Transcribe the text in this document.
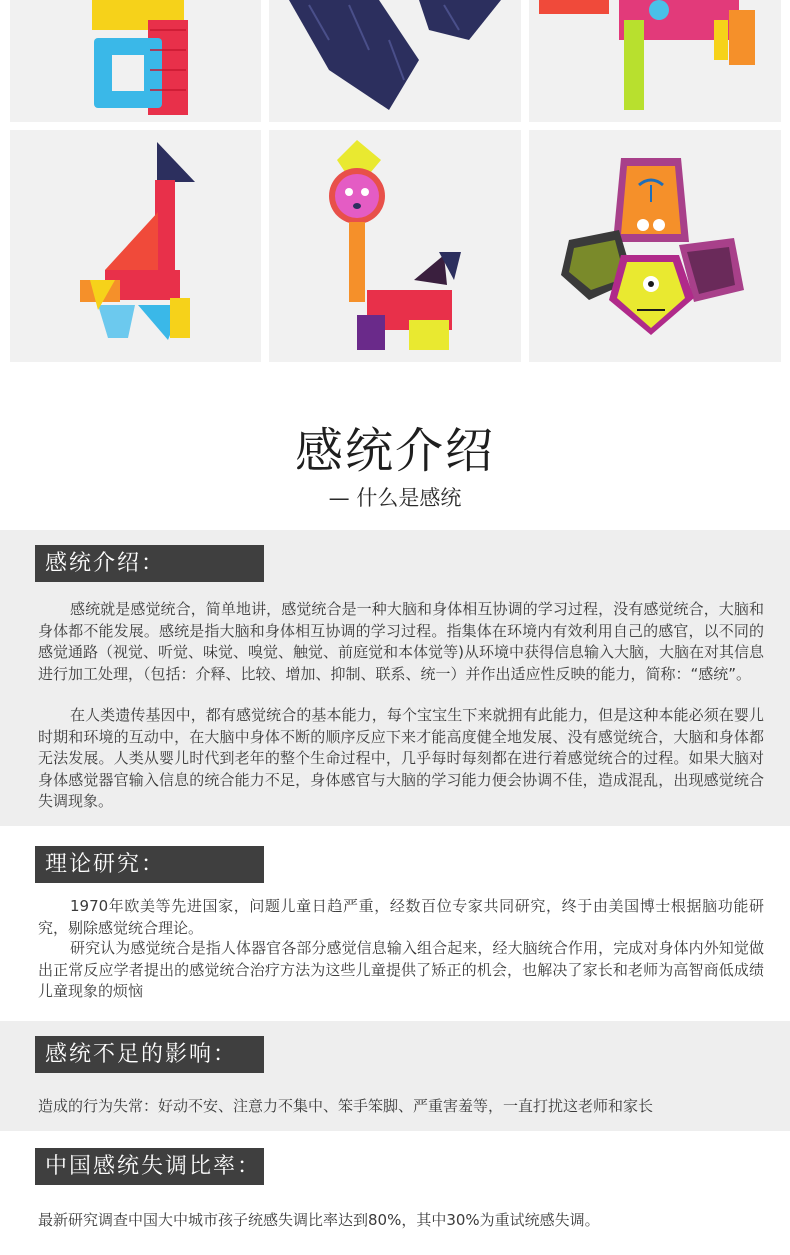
感统介绍

— 什么是感统

感统介绍：

感统就是感觉统合，简单地讲，感觉统合是一种大脑和身体相互协调的学习过程，没有感觉统合，大脑和身体都不能发展。感统是指大脑和身体相互协调的学习过程。指集体在环境内有效利用自己的感官，以不同的感觉通路（视觉、听觉、味觉、嗅觉、触觉、前庭觉和本体觉等)从环境中获得信息输入大脑，大脑在对其信息进行加工处理，（包括：介释、比较、增加、抑制、联系、统一）并作出适应性反映的能力，简称：“感统”。

在人类遗传基因中，都有感觉统合的基本能力，每个宝宝生下来就拥有此能力，但是这种本能必须在婴儿时期和环境的互动中，在大脑中身体不断的顺序反应下来才能高度健全地发展、没有感觉统合，大脑和身体都 无法发展。人类从婴儿时代到老年的整个生命过程中，几乎每时每刻都在进行着感觉统合的过程。如果大脑对身体感觉器官输入信息的统合能力不足，身体感官与大脑的学习能力便会协调不佳，造成混乱，出现感觉统合失调现象。

理论研究：

1970年欧美等先进国家，问题儿童日趋严重，经数百位专家共同研究，终于由美国博士根据脑功能研究，剔除感觉统合理论。

研究认为感觉统合是指人体器官各部分感觉信息输入组合起来，经大脑统合作用，完成对身体内外知觉做出正常反应学者提出的感觉统合治疗方法为这些儿童提供了矫正的机会，也解决了家长和老师为高智商低成绩儿童现象的烦恼

感统不足的影响：

造成的行为失常：好动不安、注意力不集中、笨手笨脚、严重害羞等，一直打扰这老师和家长

中国感统失调比率：

最新研究调查中国大中城市孩子统感失调比率达到80%，其中30%为重试统感失调。
